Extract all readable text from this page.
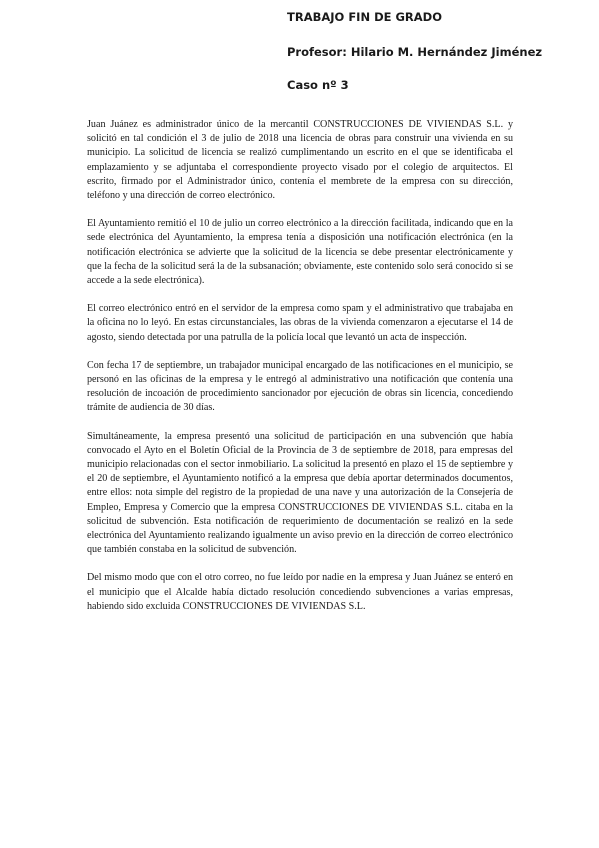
TRABAJO FIN DE GRADO
Profesor: Hilario M. Hernández Jiménez
Caso nº 3

Juan Juánez es administrador único de la mercantil CONSTRUCCIONES DE VIVIENDAS S.L. y solicitó en tal condición el 3 de julio de 2018 una licencia de obras para construir una vivienda en su municipio. La solicitud de licencia se realizó cumplimentando un escrito en el que se identificaba el emplazamiento y se adjuntaba el correspondiente proyecto visado por el colegio de arquitectos. El escrito, firmado por el Administrador único, contenía el membrete de la empresa con su dirección, teléfono y una dirección de correo electrónico.

El Ayuntamiento remitió el 10 de julio un correo electrónico a la dirección facilitada, indicando que en la sede electrónica del Ayuntamiento, la empresa tenía a disposición una notificación electrónica (en la notificación electrónica se advierte que la solicitud de la licencia se debe presentar electrónicamente y que la fecha de la solicitud será la de la subsanación; obviamente, este contenido solo será conocido si se accede a la sede electrónica).

El correo electrónico entró en el servidor de la empresa como spam y el administrativo que trabajaba en la oficina no lo leyó. En estas circunstanciales, las obras de la vivienda comenzaron a ejecutarse el 14 de agosto, siendo detectada por una patrulla de la policía local que levantó un acta de inspección.

Con fecha 17 de septiembre, un trabajador municipal encargado de las notificaciones en el municipio, se personó en las oficinas de la empresa y le entregó al administrativo una notificación que contenía una resolución de incoación de procedimiento sancionador por ejecución de obras sin licencia, concediendo trámite de audiencia de 30 días.

Simultáneamente, la empresa presentó una solicitud de participación en una subvención que había convocado el Ayto en el Boletín Oficial de la Provincia de 3 de septiembre de 2018, para empresas del municipio relacionadas con el sector inmobiliario. La solicitud la presentó en plazo el 15 de septiembre y el 20 de septiembre, el Ayuntamiento notificó a la empresa que debía aportar determinados documentos, entre ellos: nota simple del registro de la propiedad de una nave y una autorización de la Consejería de Empleo, Empresa y Comercio que la empresa CONSTRUCCIONES DE VIVIENDAS S.L. citaba en la solicitud de subvención. Esta notificación de requerimiento de documentación se realizó en la sede electrónica del Ayuntamiento realizando igualmente un aviso previo en la dirección de correo electrónico que también constaba en la solicitud de subvención.

Del mismo modo que con el otro correo, no fue leído por nadie en la empresa y Juan Juánez se enteró en el municipio que el Alcalde había dictado resolución concediendo subvenciones a varias empresas, habiendo sido excluida CONSTRUCCIONES DE VIVIENDAS S.L.
